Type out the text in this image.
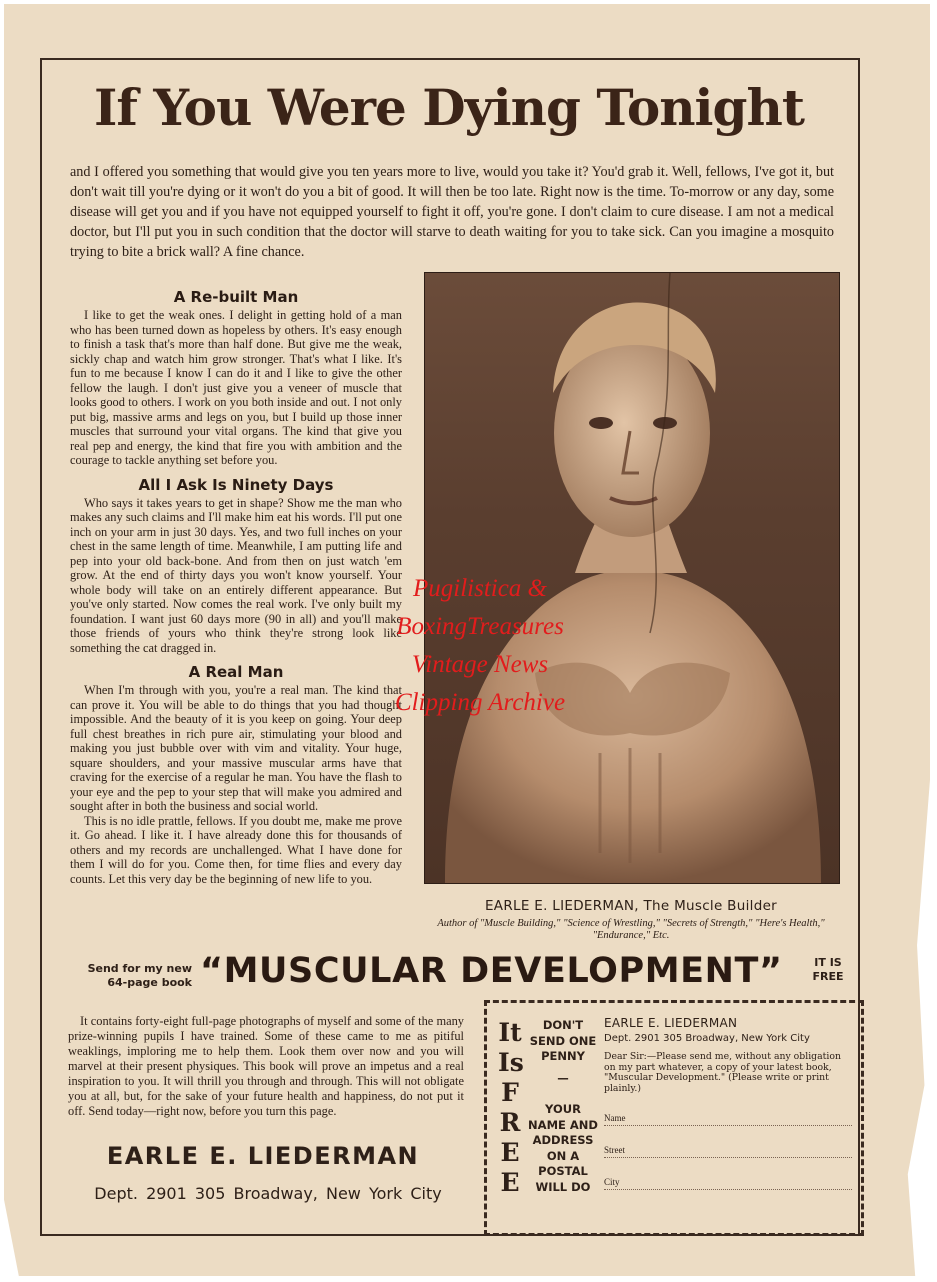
If You Were Dying Tonight
and I offered you something that would give you ten years more to live, would you take it? You'd grab it. Well, fellows, I've got it, but don't wait till you're dying or it won't do you a bit of good. It will then be too late. Right now is the time. To-morrow or any day, some disease will get you and if you have not equipped yourself to fight it off, you're gone. I don't claim to cure disease. I am not a medical doctor, but I'll put you in such condition that the doctor will starve to death waiting for you to take sick. Can you imagine a mosquito trying to bite a brick wall? A fine chance.
A Re-built Man

I like to get the weak ones. I delight in getting hold of a man who has been turned down as hopeless by others. It's easy enough to finish a task that's more than half done. But give me the weak, sickly chap and watch him grow stronger. That's what I like. It's fun to me because I know I can do it and I like to give the other fellow the laugh. I don't just give you a veneer of muscle that looks good to others. I work on you both inside and out. I not only put big, massive arms and legs on you, but I build up those inner muscles that surround your vital organs. The kind that give you real pep and energy, the kind that fire you with ambition and the courage to tackle anything set before you.

All I Ask Is Ninety Days

Who says it takes years to get in shape? Show me the man who makes any such claims and I'll make him eat his words. I'll put one inch on your arm in just 30 days. Yes, and two full inches on your chest in the same length of time. Meanwhile, I am putting life and pep into your old back-bone. And from then on just watch 'em grow. At the end of thirty days you won't know yourself. Your whole body will take on an entirely different appearance. But you've only started. Now comes the real work. I've only built my foundation. I want just 60 days more (90 in all) and you'll make those friends of yours who think they're strong look like something the cat dragged in.

A Real Man

When I'm through with you, you're a real man. The kind that can prove it. You will be able to do things that you had thought impossible. And the beauty of it is you keep on going. Your deep full chest breathes in rich pure air, stimulating your blood and making you just bubble over with vim and vitality. Your huge, square shoulders, and your massive muscular arms have that craving for the exercise of a regular he man. You have the flash to your eye and the pep to your step that will make you admired and sought after in both the business and social world.

This is no idle prattle, fellows. If you doubt me, make me prove it. Go ahead. I like it. I have already done this for thousands of others and my records are unchallenged. What I have done for them I will do for you. Come then, for time flies and every day counts. Let this very day be the beginning of new life to you.

EARLE E. LIEDERMAN, The Muscle Builder
Author of "Muscle Building," "Science of Wrestling," "Secrets of Strength," "Here's Health," "Endurance," Etc.
Send for my new 64-page book “MUSCULAR DEVELOPMENT”	IT IS FREE
It contains forty-eight full-page photographs of myself and some of the many prize-winning pupils I have trained. Some of these came to me as pitiful weaklings, imploring me to help them. Look them over now and you will marvel at their present physiques. This book will prove an impetus and a real inspiration to you. It will thrill you through and through. This will not obligate you at all, but, for the sake of your future health and happiness, do not put it off. Send today—right now, before you turn this page.
EARLE E. LIEDERMAN
Dept. 2901 305 Broadway, New York City
It
Is
F
R
E
E
DON'T SEND ONE PENNY
—
YOUR NAME AND ADDRESS ON A POSTAL WILL DO
EARLE E. LIEDERMAN
Dept. 2901 305 Broadway, New York City
Dear Sir:—Please send me, without any obligation on my part whatever, a copy of your latest book, "Muscular Development." (Please write or print plainly.)
Name
Street
City
Pugilistica &
BoxingTreasures
Vintage News
Clipping Archive
